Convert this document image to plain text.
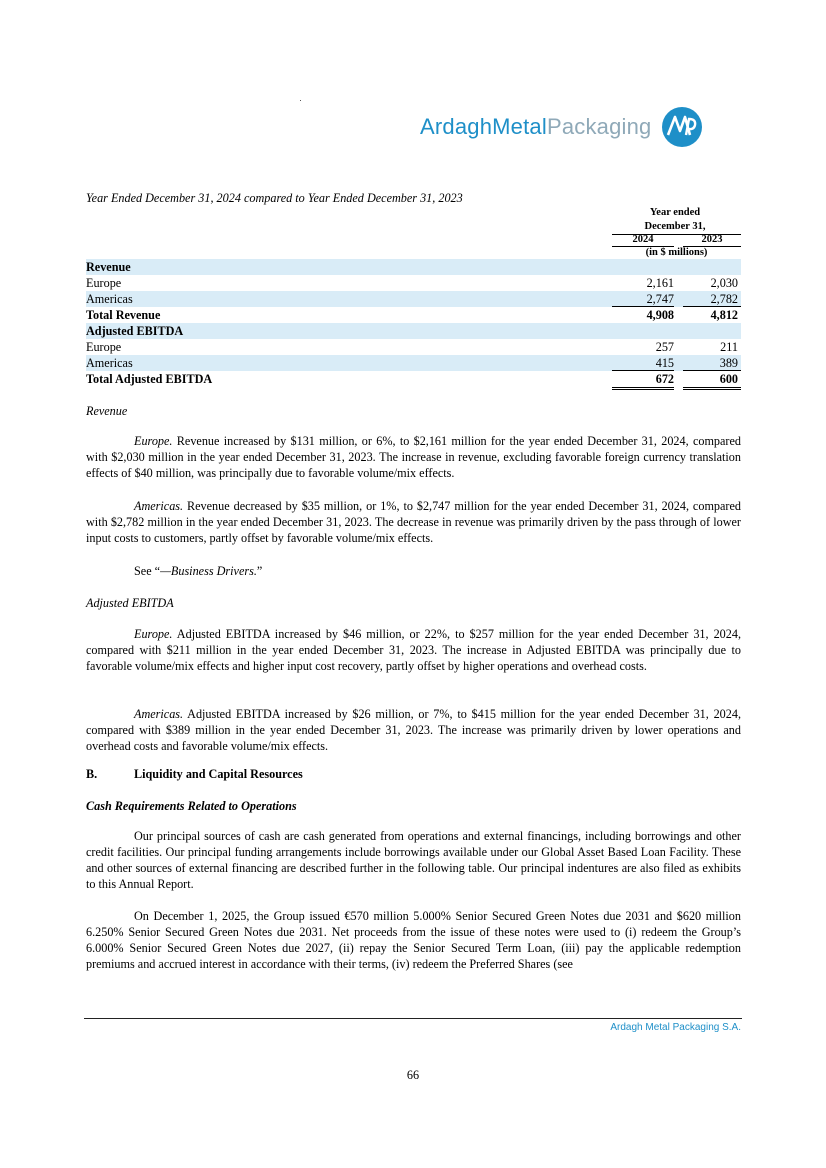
ArdaghMetalPackaging
Year Ended December 31, 2024 compared to Year Ended December 31, 2023
Year ended
December 31,
2024	2023
(in $ millions)
Revenue
Europe	2,161	2,030
Americas	2,747	2,782
Total Revenue	4,908	4,812
Adjusted EBITDA
Europe	257	211
Americas	415	389
Total Adjusted EBITDA	672	600
Revenue
Europe. Revenue increased by $131 million, or 6%, to $2,161 million for the year ended December 31, 2024, compared with $2,030 million in the year ended December 31, 2023. The increase in revenue, excluding favorable foreign currency translation effects of $40 million, was principally due to favorable volume/mix effects.
Americas. Revenue decreased by $35 million, or 1%, to $2,747 million for the year ended December 31, 2024, compared with $2,782 million in the year ended December 31, 2023. The decrease in revenue was primarily driven by the pass through of lower input costs to customers, partly offset by favorable volume/mix effects.
See “—Business Drivers.”
Adjusted EBITDA
Europe. Adjusted EBITDA increased by $46 million, or 22%, to $257 million for the year ended December 31, 2024, compared with $211 million in the year ended December 31, 2023. The increase in Adjusted EBITDA was principally due to favorable volume/mix effects and higher input cost recovery, partly offset by higher operations and overhead costs.
Americas. Adjusted EBITDA increased by $26 million, or 7%, to $415 million for the year ended December 31, 2024, compared with $389 million in the year ended December 31, 2023. The increase was primarily driven by lower operations and overhead costs and favorable volume/mix effects.
B.	Liquidity and Capital Resources
Cash Requirements Related to Operations
Our principal sources of cash are cash generated from operations and external financings, including borrowings and other credit facilities. Our principal funding arrangements include borrowings available under our Global Asset Based Loan Facility. These and other sources of external financing are described further in the following table. Our principal indentures are also filed as exhibits to this Annual Report.
On December 1, 2025, the Group issued €570 million 5.000% Senior Secured Green Notes due 2031 and $620 million 6.250% Senior Secured Green Notes due 2031. Net proceeds from the issue of these notes were used to (i) redeem the Group’s 6.000% Senior Secured Green Notes due 2027, (ii) repay the Senior Secured Term Loan, (iii) pay the applicable redemption premiums and accrued interest in accordance with their terms, (iv) redeem the Preferred Shares (see
Ardagh Metal Packaging S.A.
66
